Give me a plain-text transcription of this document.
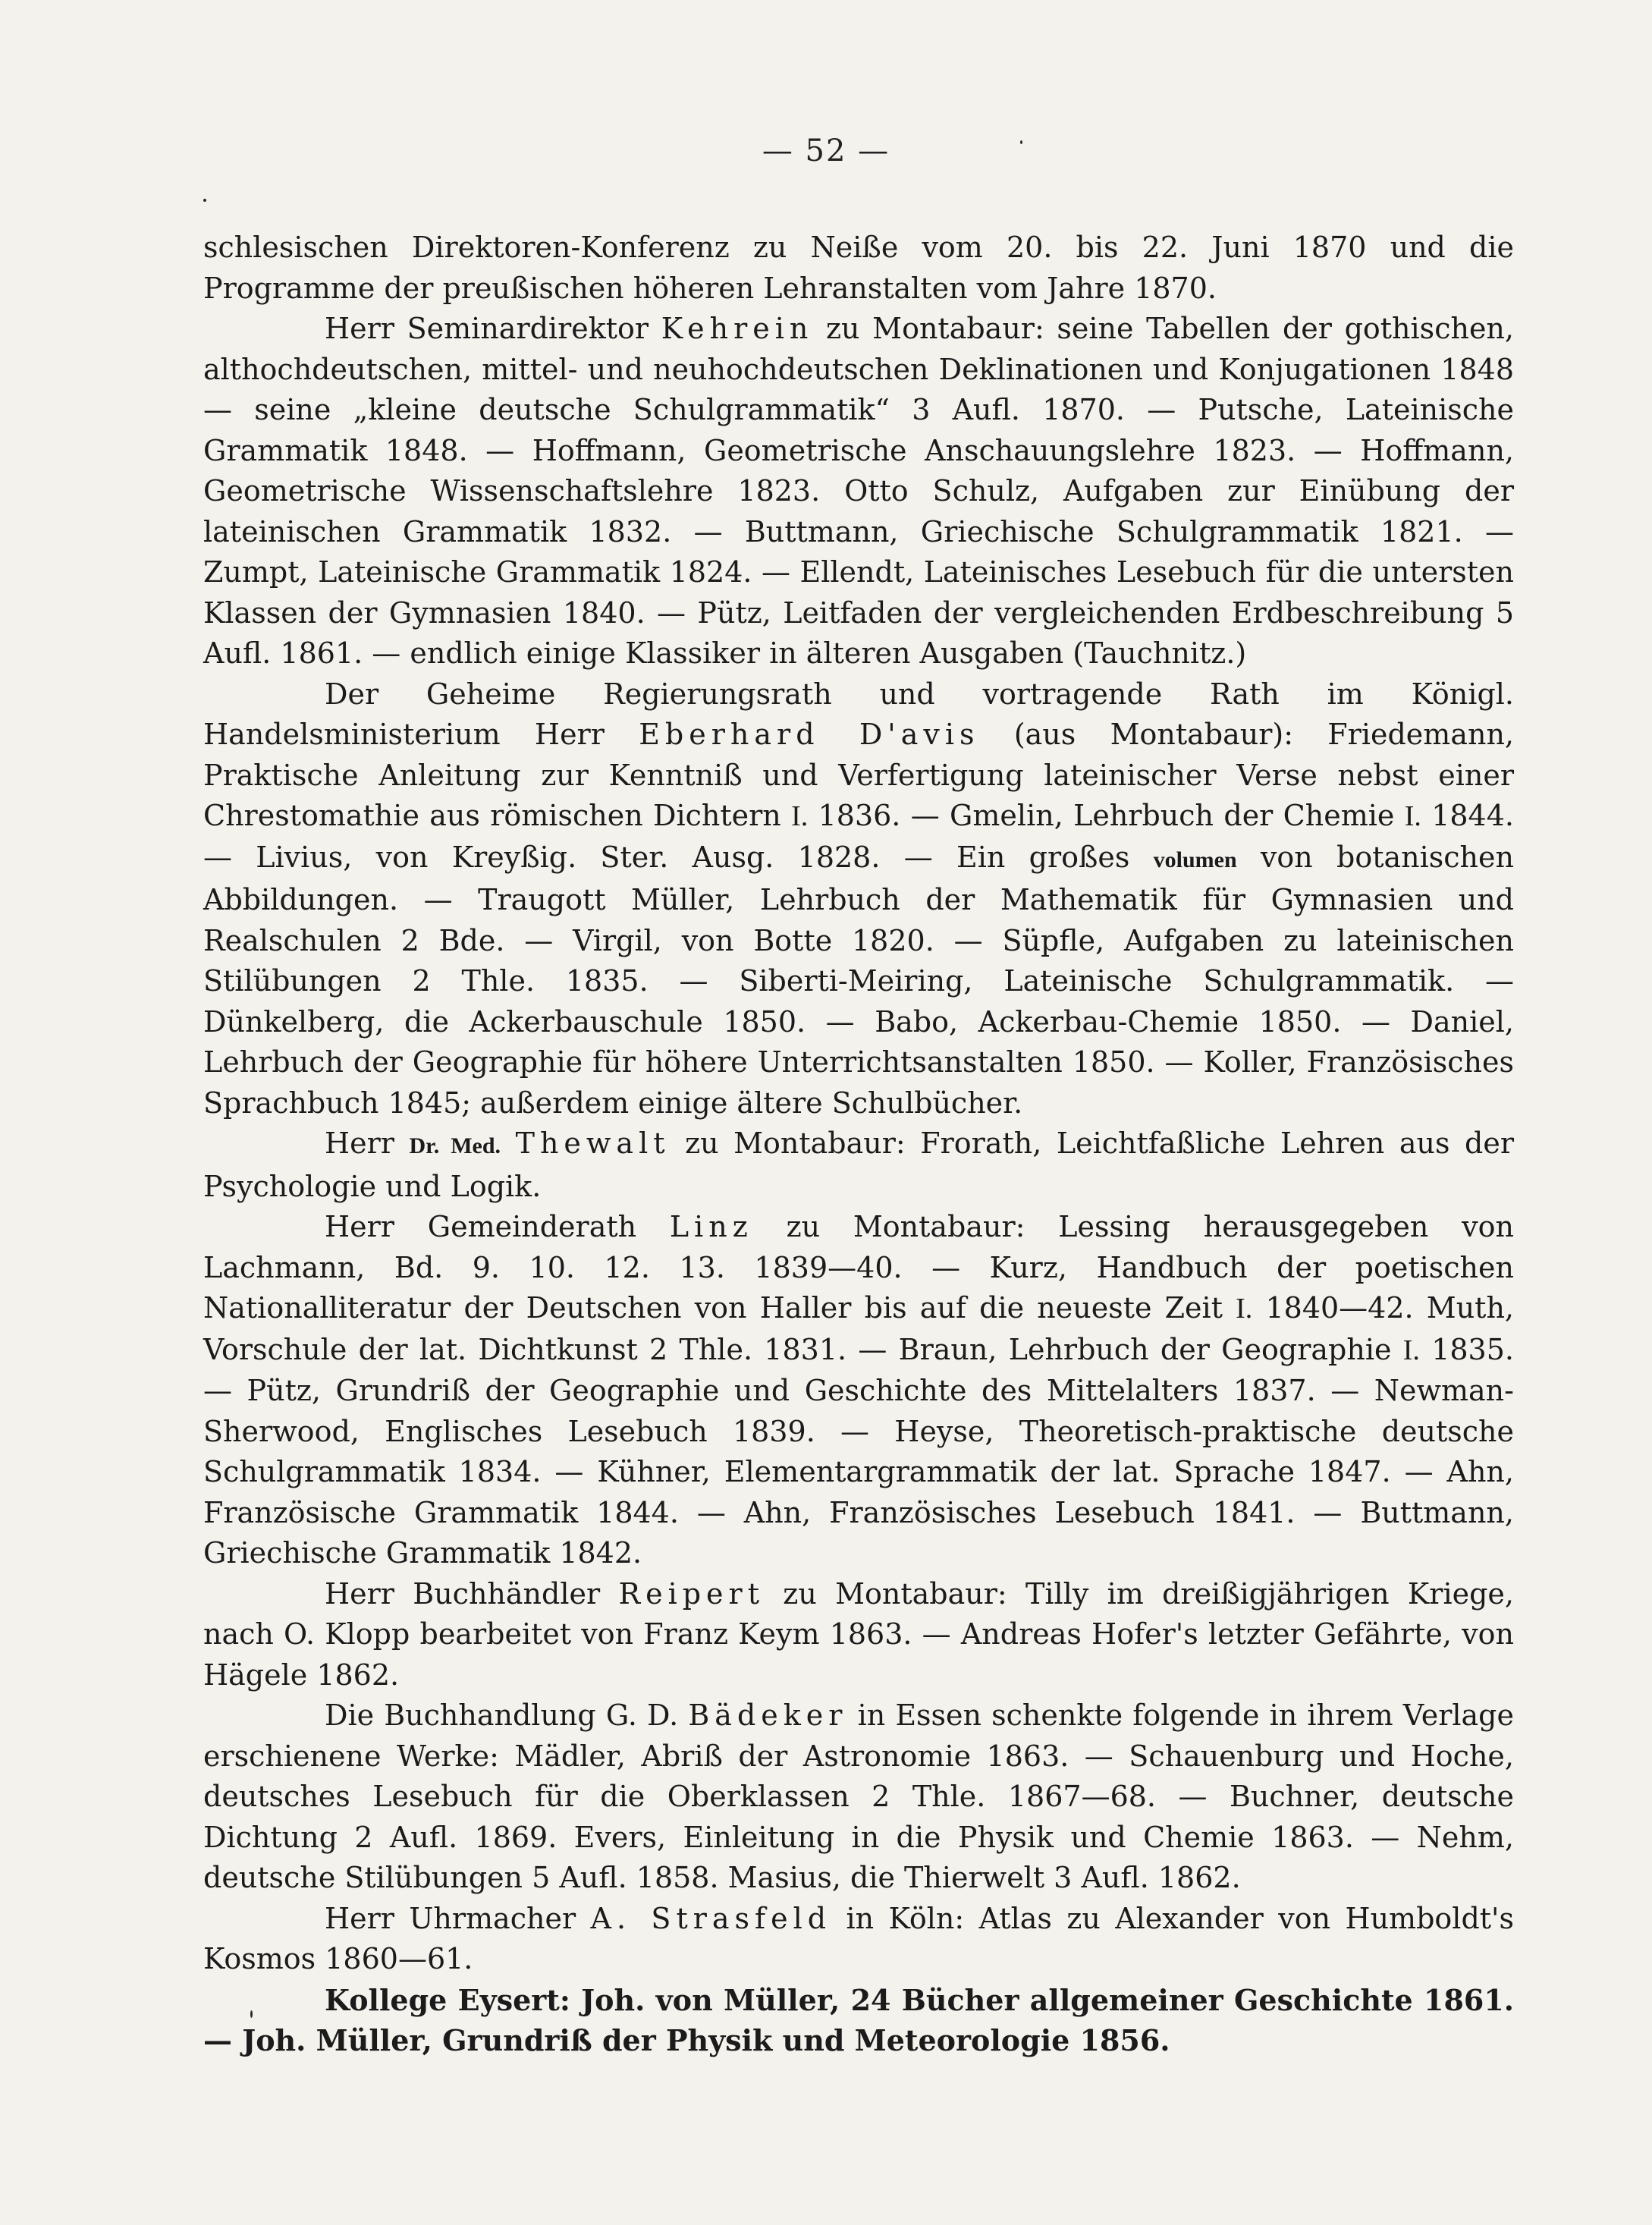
— 52 —

schlesischen Direktoren-Konferenz zu Neiße vom 20. bis 22. Juni 1870 und die Programme der preußischen höheren Lehranstalten vom Jahre 1870.

Herr Seminardirektor Kehrein zu Montabaur: seine Tabellen der gothischen, althochdeutschen, mittel- und neuhochdeutschen Deklinationen und Konjugationen 1848 — seine „kleine deutsche Schulgrammatik“ 3 Aufl. 1870. — Putsche, Lateinische Grammatik 1848. — Hoffmann, Geometrische Anschauungslehre 1823. — Hoffmann, Geometrische Wissenschaftslehre 1823. Otto Schulz, Aufgaben zur Einübung der lateinischen Grammatik 1832. — Buttmann, Griechische Schulgrammatik 1821. — Zumpt, Lateinische Grammatik 1824. — Ellendt, Lateinisches Lesebuch für die untersten Klassen der Gymnasien 1840. — Pütz, Leitfaden der vergleichenden Erdbeschreibung 5 Aufl. 1861. — endlich einige Klassiker in älteren Ausgaben (Tauchnitz.)

Der Geheime Regierungsrath und vortragende Rath im Königl. Handelsministerium Herr Eberhard D'avis (aus Montabaur): Friedemann, Praktische Anleitung zur Kenntniß und Verfertigung lateinischer Verse nebst einer Chrestomathie aus römischen Dichtern I. 1836. — Gmelin, Lehrbuch der Chemie I. 1844. — Livius, von Kreyßig. Ster. Ausg. 1828. — Ein großes volumen von botanischen Abbildungen. — Traugott Müller, Lehrbuch der Mathematik für Gymnasien und Realschulen 2 Bde. — Virgil, von Botte 1820. — Süpfle, Aufgaben zu lateinischen Stilübungen 2 Thle. 1835. — Siberti-Meiring, Lateinische Schulgrammatik. — Dünkelberg, die Ackerbauschule 1850. — Babo, Ackerbau-Chemie 1850. — Daniel, Lehrbuch der Geographie für höhere Unterrichtsanstalten 1850. — Koller, Französisches Sprachbuch 1845; außerdem einige ältere Schulbücher.

Herr Dr. Med. Thewalt zu Montabaur: Frorath, Leichtfaßliche Lehren aus der Psychologie und Logik.

Herr Gemeinderath Linz zu Montabaur: Lessing herausgegeben von Lachmann, Bd. 9. 10. 12. 13. 1839—40. — Kurz, Handbuch der poetischen Nationalliteratur der Deutschen von Haller bis auf die neueste Zeit I. 1840—42. Muth, Vorschule der lat. Dichtkunst 2 Thle. 1831. — Braun, Lehrbuch der Geographie I. 1835. — Pütz, Grundriß der Geographie und Geschichte des Mittelalters 1837. — Newman-Sherwood, Englisches Lesebuch 1839. — Heyse, Theoretisch-praktische deutsche Schulgrammatik 1834. — Kühner, Elementargrammatik der lat. Sprache 1847. — Ahn, Französische Grammatik 1844. — Ahn, Französisches Lesebuch 1841. — Buttmann, Griechische Grammatik 1842.

Herr Buchhändler Reipert zu Montabaur: Tilly im dreißigjährigen Kriege, nach O. Klopp bearbeitet von Franz Keym 1863. — Andreas Hofer's letzter Gefährte, von Hägele 1862.

Die Buchhandlung G. D. Bädeker in Essen schenkte folgende in ihrem Verlage erschienene Werke: Mädler, Abriß der Astronomie 1863. — Schauenburg und Hoche, deutsches Lesebuch für die Oberklassen 2 Thle. 1867—68. — Buchner, deutsche Dichtung 2 Aufl. 1869. Evers, Einleitung in die Physik und Chemie 1863. — Nehm, deutsche Stilübungen 5 Aufl. 1858. Masius, die Thierwelt 3 Aufl. 1862.

Herr Uhrmacher A. Strasfeld in Köln: Atlas zu Alexander von Humboldt's Kosmos 1860—61.

Kollege Eysert: Joh. von Müller, 24 Bücher allgemeiner Geschichte 1861. — Joh. Müller, Grundriß der Physik und Meteorologie 1856.
